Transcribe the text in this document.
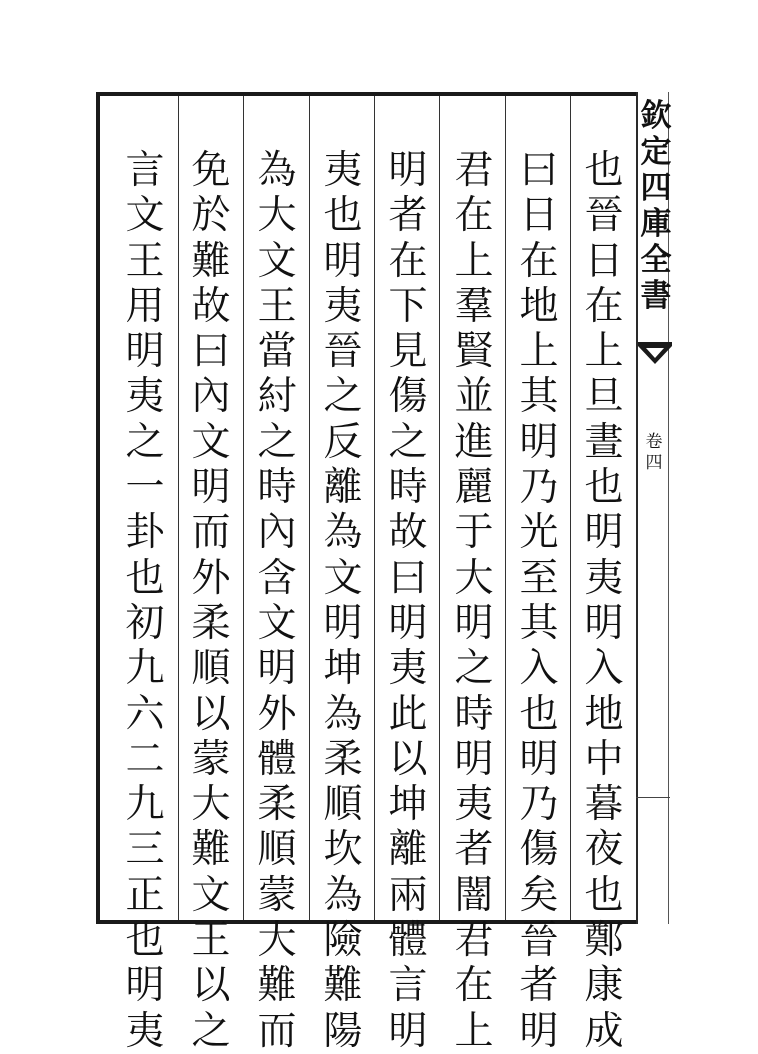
也晉日在上旦晝也明夷明入地中暮夜也鄭康成
曰日在地上其明乃光至其入也明乃傷矣晉者明
君在上羣賢並進麗于大明之時明夷者闇君在上
明者在下見傷之時故曰明夷此以坤離兩體言明
夷也明夷晉之反離為文明坤為柔順坎為險難陽
為大文王當紂之時內含文明外體柔順蒙大難而
免於難故曰內文明而外柔順以蒙大難文王以之
言文王用明夷之一卦也初九六二九三正也明夷
欽定四庫全書
卷四
